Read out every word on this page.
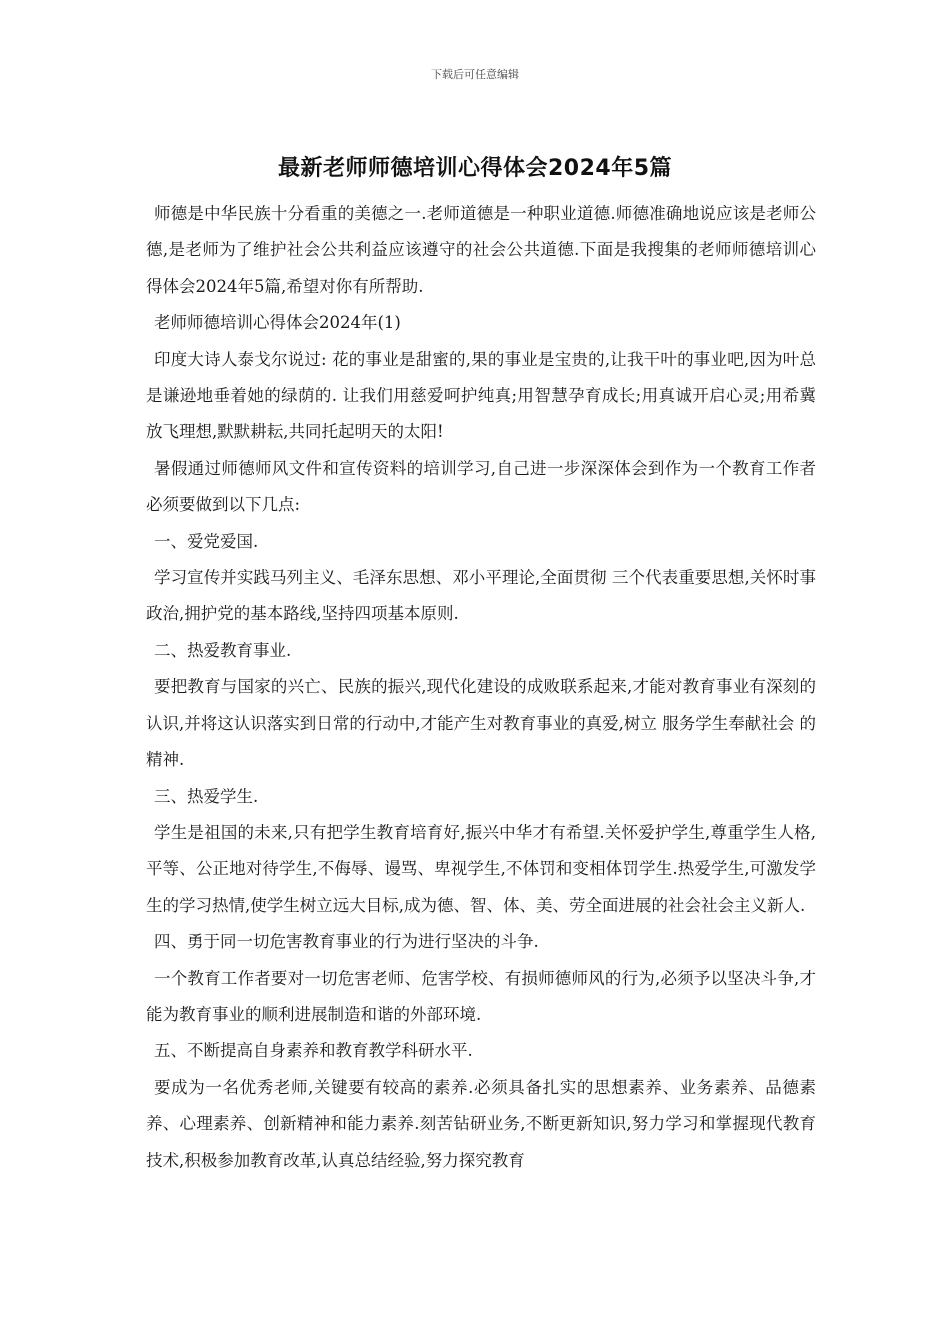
下载后可任意编辑
最新老师师德培训心得体会2024年5篇

师德是中华民族十分看重的美德之一.老师道德是一种职业道德.师德准确地说应该是老师公德,是老师为了维护社会公共利益应该遵守的社会公共道德.下面是我搜集的老师师德培训心得体会2024年5篇,希望对你有所帮助.

老师师德培训心得体会2024年(1)

印度大诗人泰戈尔说过: 花的事业是甜蜜的,果的事业是宝贵的,让我干叶的事业吧,因为叶总是谦逊地垂着她的绿荫的. 让我们用慈爱呵护纯真;用智慧孕育成长;用真诚开启心灵;用希冀放飞理想,默默耕耘,共同托起明天的太阳!

暑假通过师德师风文件和宣传资料的培训学习,自己进一步深深体会到作为一个教育工作者必须要做到以下几点:

一、爱党爱国.

学习宣传并实践马列主义、毛泽东思想、邓小平理论,全面贯彻 三个代表重要思想,关怀时事政治,拥护党的基本路线,坚持四项基本原则.

二、热爱教育事业.

要把教育与国家的兴亡、民族的振兴,现代化建设的成败联系起来,才能对教育事业有深刻的认识,并将这认识落实到日常的行动中,才能产生对教育事业的真爱,树立 服务学生奉献社会 的精神.

三、热爱学生.

学生是祖国的未来,只有把学生教育培育好,振兴中华才有希望.关怀爱护学生,尊重学生人格,平等、公正地对待学生,不侮辱、谩骂、卑视学生,不体罚和变相体罚学生.热爱学生,可激发学生的学习热情,使学生树立远大目标,成为德、智、体、美、劳全面进展的社会社会主义新人.

四、勇于同一切危害教育事业的行为进行坚决的斗争.

一个教育工作者要对一切危害老师、危害学校、有损师德师风的行为,必须予以坚决斗争,才能为教育事业的顺利进展制造和谐的外部环境.

五、不断提高自身素养和教育教学科研水平.

要成为一名优秀老师,关键要有较高的素养.必须具备扎实的思想素养、业务素养、品德素养、心理素养、创新精神和能力素养.刻苦钻研业务,不断更新知识,努力学习和掌握现代教育技术,积极参加教育改革,认真总结经验,努力探究教育
